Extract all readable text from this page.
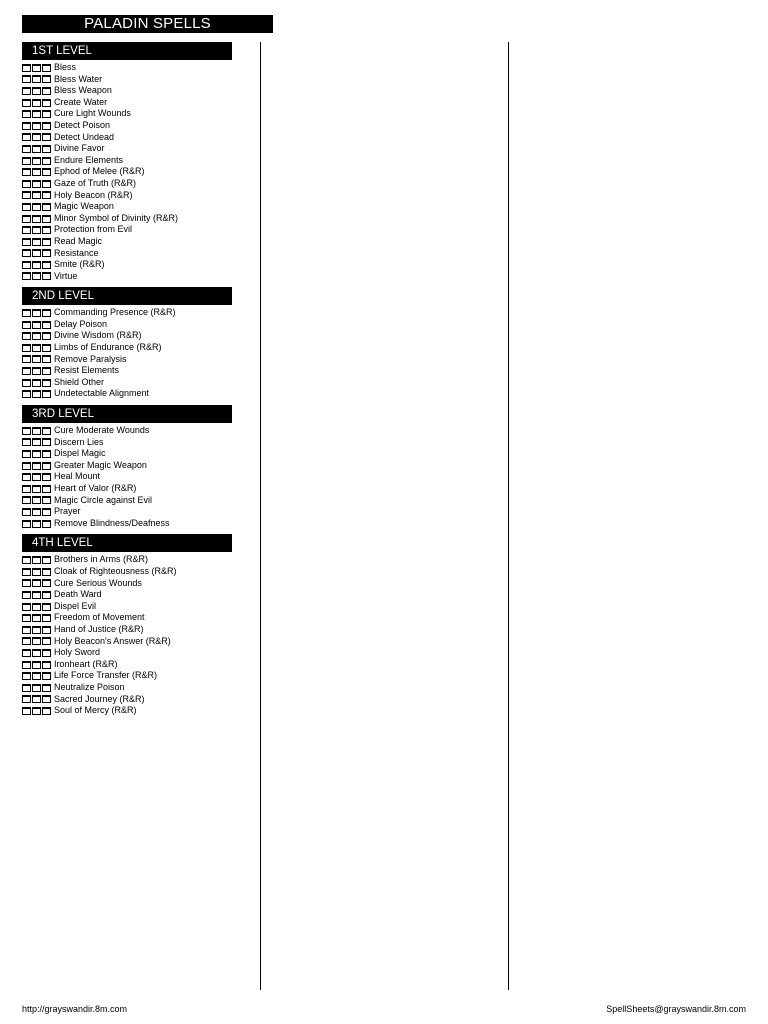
PALADIN SPELLS
1ST LEVEL
Bless
Bless Water
Bless Weapon
Create Water
Cure Light Wounds
Detect Poison
Detect Undead
Divine Favor
Endure Elements
Ephod of Melee (R&R)
Gaze of Truth (R&R)
Holy Beacon (R&R)
Magic Weapon
Minor Symbol of Divinity (R&R)
Protection from Evil
Read Magic
Resistance
Smite (R&R)
Virtue
2ND LEVEL
Commanding Presence (R&R)
Delay Poison
Divine Wisdom (R&R)
Limbs of Endurance (R&R)
Remove Paralysis
Resist Elements
Shield Other
Undetectable Alignment
3RD LEVEL
Cure Moderate Wounds
Discern Lies
Dispel Magic
Greater Magic Weapon
Heal Mount
Heart of Valor (R&R)
Magic Circle against Evil
Prayer
Remove Blindness/Deafness
4TH LEVEL
Brothers in Arms (R&R)
Cloak of Righteousness (R&R)
Cure Serious Wounds
Death Ward
Dispel Evil
Freedom of Movement
Hand of Justice (R&R)
Holy Beacon's Answer (R&R)
Holy Sword
Ironheart (R&R)
Life Force Transfer (R&R)
Neutralize Poison
Sacred Journey (R&R)
Soul of Mercy (R&R)
http://grayswandir.8m.com	SpellSheets@grayswandir.8m.com
